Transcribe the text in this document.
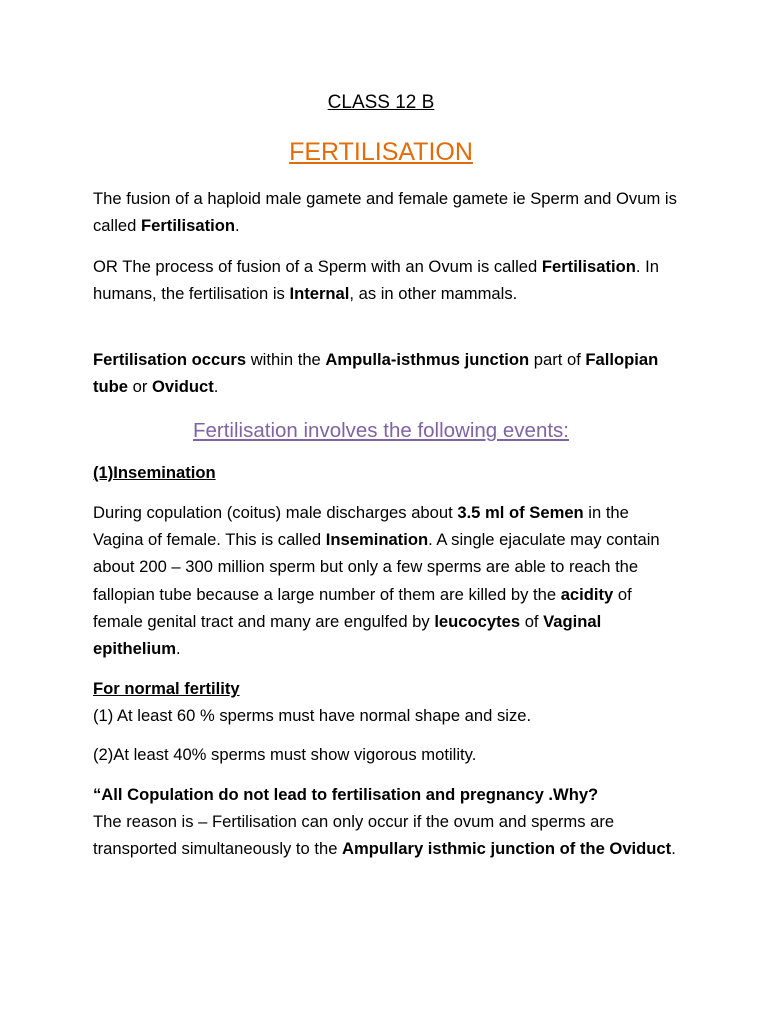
CLASS 12 B
FERTILISATION

The fusion of a haploid male gamete and female gamete ie Sperm and Ovum is called Fertilisation.

OR The process of fusion of a Sperm with an Ovum is called Fertilisation. In humans, the fertilisation is Internal, as in other mammals.

Fertilisation occurs within the Ampulla-isthmus junction part of Fallopian tube or Oviduct.

Fertilisation involves the following events:

(1)Insemination

During copulation (coitus) male discharges about 3.5 ml of Semen in the Vagina of female. This is called Insemination. A single ejaculate may contain about 200 – 300 million sperm but only a few sperms are able to reach the fallopian tube because a large number of them are killed by the acidity of female genital tract and many are engulfed by leucocytes of Vaginal epithelium.

For normal fertility

(1) At least 60 % sperms must have normal shape and size.

(2)At least 40% sperms must show vigorous motility.

“All Copulation do not lead to fertilisation and pregnancy .Why?
The reason is – Fertilisation can only occur if the ovum and sperms are transported simultaneously to the Ampullary isthmic junction of the Oviduct.
